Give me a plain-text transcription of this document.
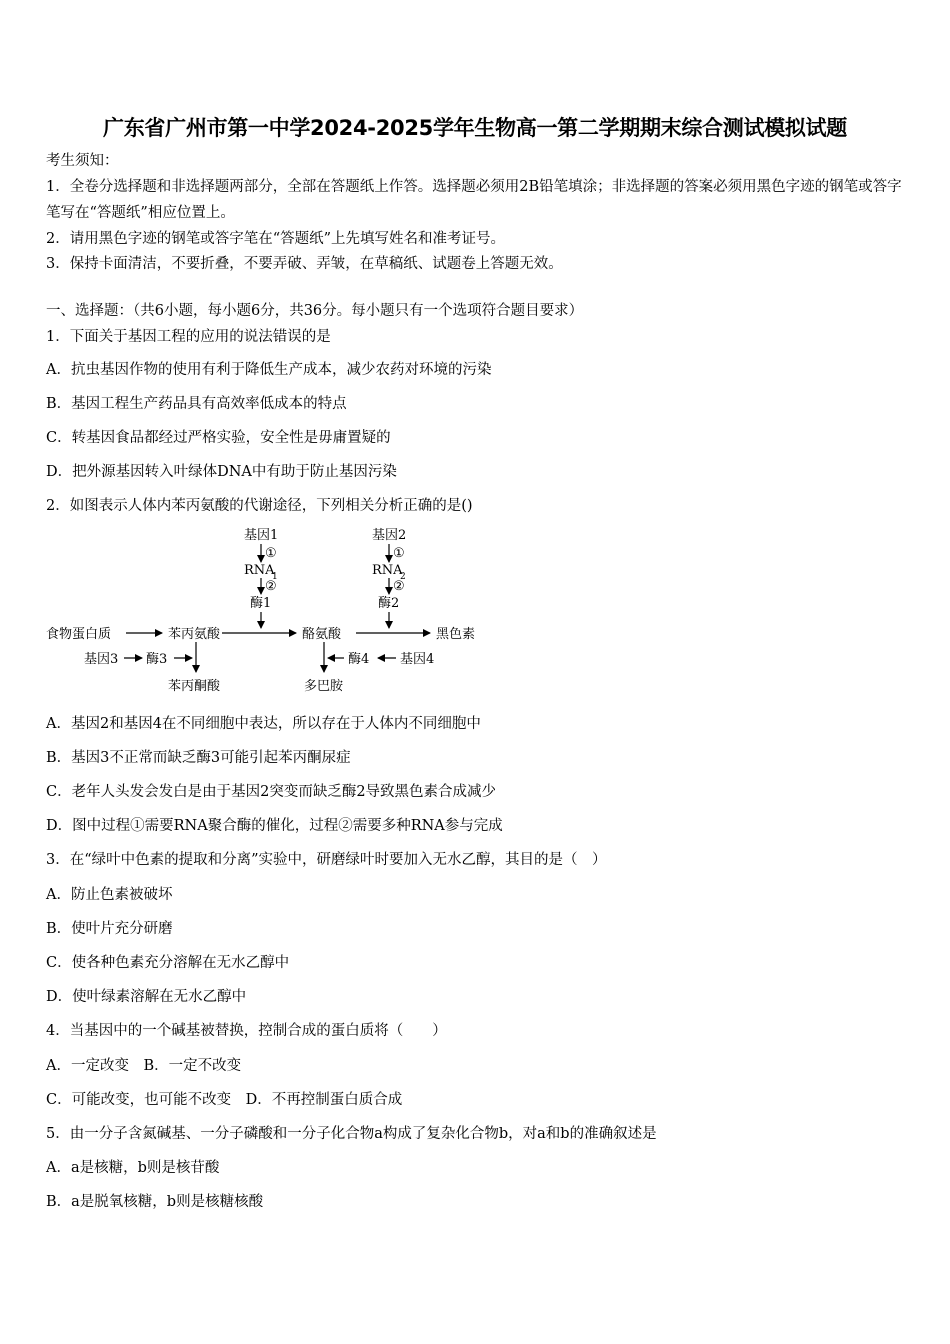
广东省广州市第一中学2024-2025学年生物高一第二学期期末综合测试模拟试题
考生须知：
1．全卷分选择题和非选择题两部分，全部在答题纸上作答。选择题必须用2B铅笔填涂；非选择题的答案必须用黑色字迹的钢笔或答字笔写在“答题纸”相应位置上。
2．请用黑色字迹的钢笔或答字笔在“答题纸”上先填写姓名和准考证号。
3．保持卡面清洁，不要折叠，不要弄破、弄皱，在草稿纸、试题卷上答题无效。
一、选择题：（共6小题，每小题6分，共36分。每小题只有一个选项符合题目要求）
1．下面关于基因工程的应用的说法错误的是
A．抗虫基因作物的使用有利于降低生产成本，减少农药对环境的污染
B．基因工程生产药品具有高效率低成本的特点
C．转基因食品都经过严格实验，安全性是毋庸置疑的
D．把外源基因转入叶绿体DNA中有助于防止基因污染
2．如图表示人体内苯丙氨酸的代谢途径，下列相关分析正确的是()
基因1
①
RNA
1
②
酶1
基因2
①
RNA
2
②
酶2
食物蛋白质	苯丙氨酸	酪氨酸	黑色素
基因3 酶3
苯丙酮酸
酶4 基因4
多巴胺
A．基因2和基因4在不同细胞中表达，所以存在于人体内不同细胞中
B．基因3不正常而缺乏酶3可能引起苯丙酮尿症
C．老年人头发会发白是由于基因2突变而缺乏酶2导致黑色素合成减少
D．图中过程①需要RNA聚合酶的催化，过程②需要多种RNA参与完成
3．在“绿叶中色素的提取和分离”实验中，研磨绿叶时要加入无水乙醇，其目的是（　）
A．防止色素被破坏
B．使叶片充分研磨
C．使各种色素充分溶解在无水乙醇中
D．使叶绿素溶解在无水乙醇中
4．当基因中的一个碱基被替换，控制合成的蛋白质将（　　）
A．一定改变　B．一定不改变
C．可能改变，也可能不改变　D．不再控制蛋白质合成
5．由一分子含氮碱基、一分子磷酸和一分子化合物a构成了复杂化合物b，对a和b的准确叙述是
A．a是核糖，b则是核苷酸
B．a是脱氧核糖，b则是核糖核酸
